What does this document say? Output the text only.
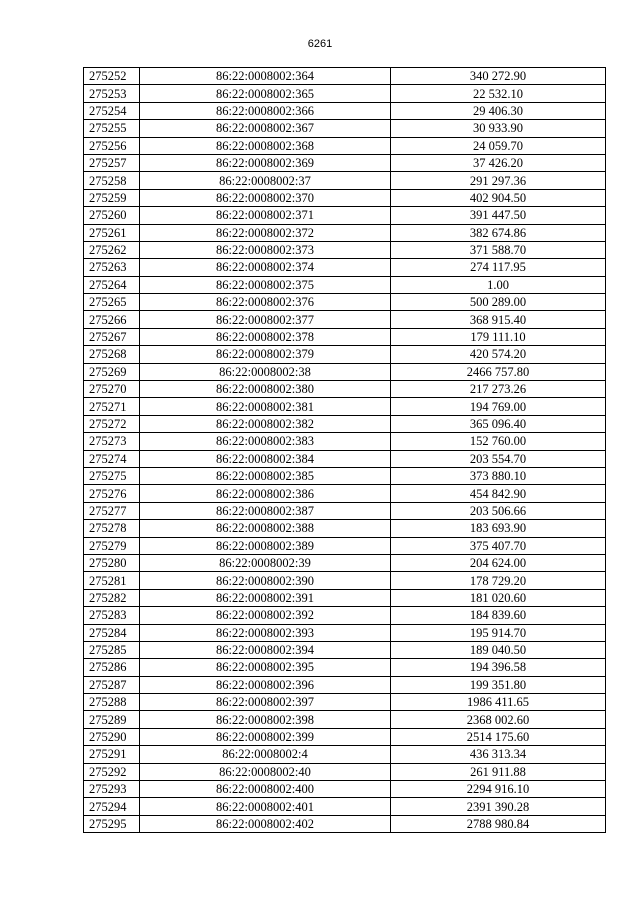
6261
275252	86:22:0008002:364	340 272.90
275253	86:22:0008002:365	22 532.10
275254	86:22:0008002:366	29 406.30
275255	86:22:0008002:367	30 933.90
275256	86:22:0008002:368	24 059.70
275257	86:22:0008002:369	37 426.20
275258	86:22:0008002:37	291 297.36
275259	86:22:0008002:370	402 904.50
275260	86:22:0008002:371	391 447.50
275261	86:22:0008002:372	382 674.86
275262	86:22:0008002:373	371 588.70
275263	86:22:0008002:374	274 117.95
275264	86:22:0008002:375	1.00
275265	86:22:0008002:376	500 289.00
275266	86:22:0008002:377	368 915.40
275267	86:22:0008002:378	179 111.10
275268	86:22:0008002:379	420 574.20
275269	86:22:0008002:38	2466 757.80
275270	86:22:0008002:380	217 273.26
275271	86:22:0008002:381	194 769.00
275272	86:22:0008002:382	365 096.40
275273	86:22:0008002:383	152 760.00
275274	86:22:0008002:384	203 554.70
275275	86:22:0008002:385	373 880.10
275276	86:22:0008002:386	454 842.90
275277	86:22:0008002:387	203 506.66
275278	86:22:0008002:388	183 693.90
275279	86:22:0008002:389	375 407.70
275280	86:22:0008002:39	204 624.00
275281	86:22:0008002:390	178 729.20
275282	86:22:0008002:391	181 020.60
275283	86:22:0008002:392	184 839.60
275284	86:22:0008002:393	195 914.70
275285	86:22:0008002:394	189 040.50
275286	86:22:0008002:395	194 396.58
275287	86:22:0008002:396	199 351.80
275288	86:22:0008002:397	1986 411.65
275289	86:22:0008002:398	2368 002.60
275290	86:22:0008002:399	2514 175.60
275291	86:22:0008002:4	436 313.34
275292	86:22:0008002:40	261 911.88
275293	86:22:0008002:400	2294 916.10
275294	86:22:0008002:401	2391 390.28
275295	86:22:0008002:402	2788 980.84
